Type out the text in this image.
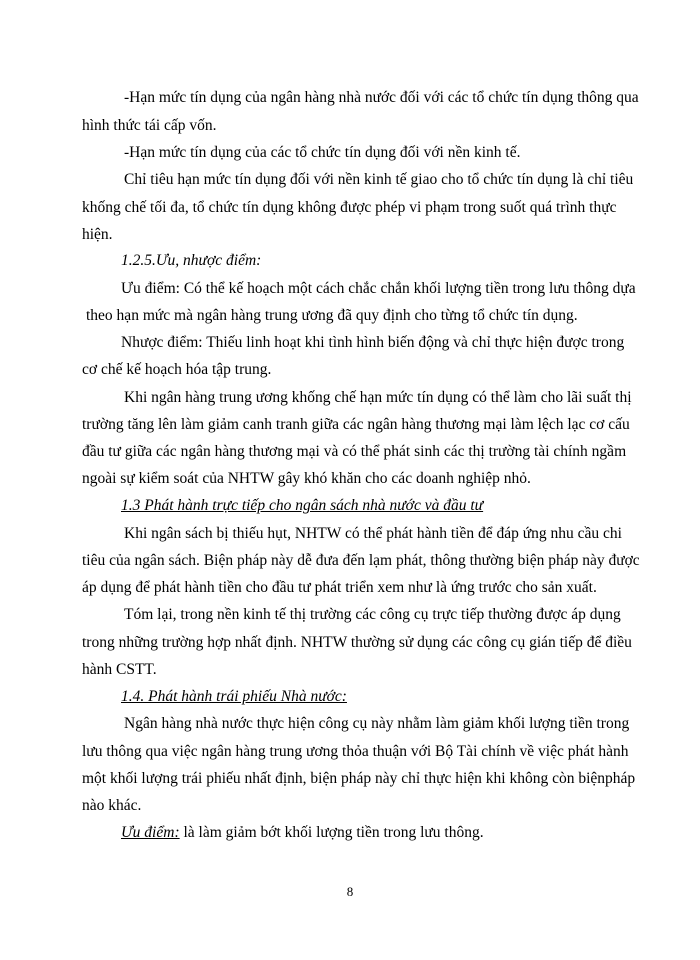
-Hạn mức tín dụng của ngân hàng nhà nước đối với các tổ chức tín dụng thông qua
hình thức tái cấp vốn.
-Hạn mức tín dụng của các tổ chức tín dụng đối với nền kinh tế.
Chỉ tiêu hạn mức tín dụng đối với nền kinh tế giao cho tổ chức tín dụng là chỉ tiêu
khống chế tối đa, tổ chức tín dụng không được phép vi phạm trong suốt quá trình thực
hiện.
1.2.5.Ưu, nhược điểm:
Ưu điểm: Có thể kế hoạch một cách chắc chắn khối lượng tiền trong lưu thông dựa
theo hạn mức mà ngân hàng trung ương đã quy định cho từng tổ chức tín dụng.
Nhược điểm: Thiếu linh hoạt khi tình hình biến động và chỉ thực hiện được trong
cơ chế kế hoạch hóa tập trung.
Khi ngân hàng trung ương khống chế hạn mức tín dụng có thể làm cho lãi suất thị
trường tăng lên làm giảm canh tranh giữa các ngân hàng thương mại làm lệch lạc cơ cấu
đầu tư giữa các ngân hàng thương mại và có thể phát sinh các thị trường tài chính ngầm
ngoài sự kiểm soát của NHTW gây khó khăn cho các doanh nghiệp nhỏ.
1.3 Phát hành trực tiếp cho ngân sách nhà nước và đầu tư
Khi ngân sách bị thiếu hụt, NHTW có thể phát hành tiền để đáp ứng nhu cầu chi
tiêu của ngân sách. Biện pháp này dễ đưa đến lạm phát, thông thường biện pháp này được
áp dụng để phát hành tiền cho đầu tư phát triển xem như là ứng trước cho sản xuất.
Tóm lại, trong nền kinh tế thị trường các công cụ trực tiếp thường được áp dụng
trong những trường hợp nhất định. NHTW thường sử dụng các công cụ gián tiếp để điều
hành CSTT.
1.4. Phát hành trái phiếu Nhà nước:
Ngân hàng nhà nước thực hiện công cụ này nhằm làm giảm khối lượng tiền trong
lưu thông qua việc ngân hàng trung ương thỏa thuận với Bộ Tài chính về việc phát hành
một khối lượng trái phiếu nhất định, biện pháp này chỉ thực hiện khi không còn biệnpháp
nào khác.
Ưu điểm: là làm giảm bớt khối lượng tiền trong lưu thông.
8
